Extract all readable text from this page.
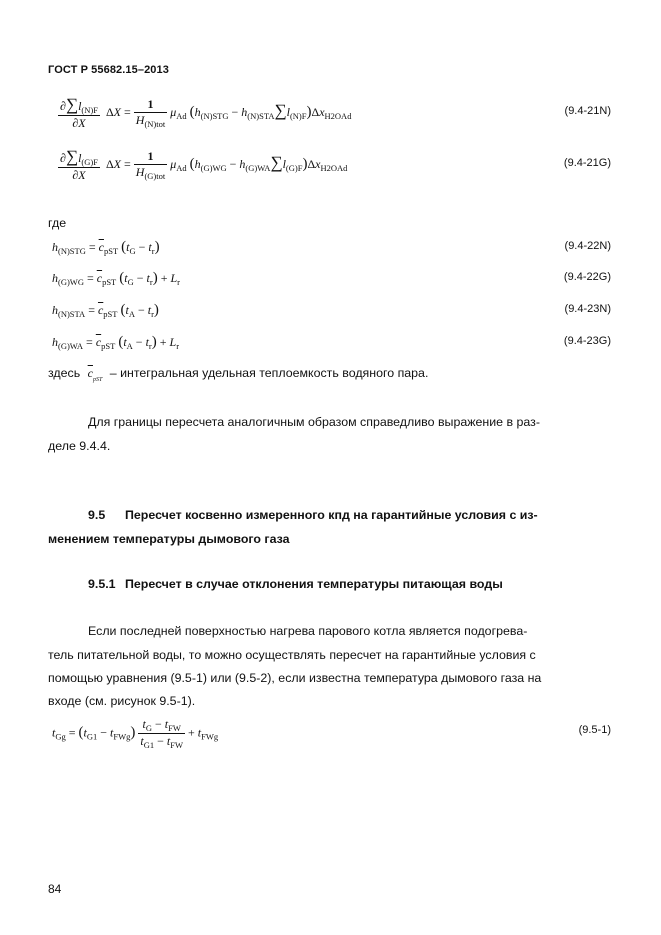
ГОСТ Р 55682.15–2013
$\frac{\partial\sum l_{(N)F}}{\partial X}$ $\Delta X = \frac{1}{H_{(N)tot}} \mu_{Ad}$ $(h_{(N)STG} - h_{(N)STA}\sum l_{(N)F})\Delta x_{H2OAd}$	(9.4-21N)
$\frac{\partial\sum l_{(G)F}}{\partial X}$ $\Delta X = \frac{1}{H_{(G)tot}} \mu_{Ad}$ $(h_{(G)WG} - h_{(G)WA}\sum l_{(G)F})\Delta x_{H2OAd}$	(9.4-21G)
где
$h_{(N)STG} = \overline{c}_{pST}$ $(t_G - t_r)$	(9.4-22N)
$h_{(G)WG} = \overline{c}_{pST}$ $(t_G - t_r) + L_r$	(9.4-22G)
$h_{(N)STA} = \overline{c}_{pST}$ $(t_A - t_r)$	(9.4-23N)
$h_{(G)WA} = \overline{c}_{pST}$ $(t_A - t_r) + L_r$	(9.4-23G)
здесь $\overline{c}_{pST}$ – интегральная удельная теплоемкость водяного пара.
Для границы пересчета аналогичным образом справедливо выражение в раз-
деле 9.4.4.
9.5 Пересчет косвенно измеренного кпд на гарантийные условия с из-
менением температуры дымового газа
9.5.1 Пересчет в случае отклонения температуры питающая воды
Если последней поверхностью нагрева парового котла является подогрева-
тель питательной воды, то можно осуществлять пересчет на гарантийные условия с
помощью уравнения (9.5-1) или (9.5-2), если известна температура дымового газа на
входе (см. рисунок 9.5-1).
$t_{Gg} = (t_{G1} - t_{FWg}) \frac{t_G - t_{FW}}{t_{G1} - t_{FW}} + t_{FWg}$
(9.5-1)
84
